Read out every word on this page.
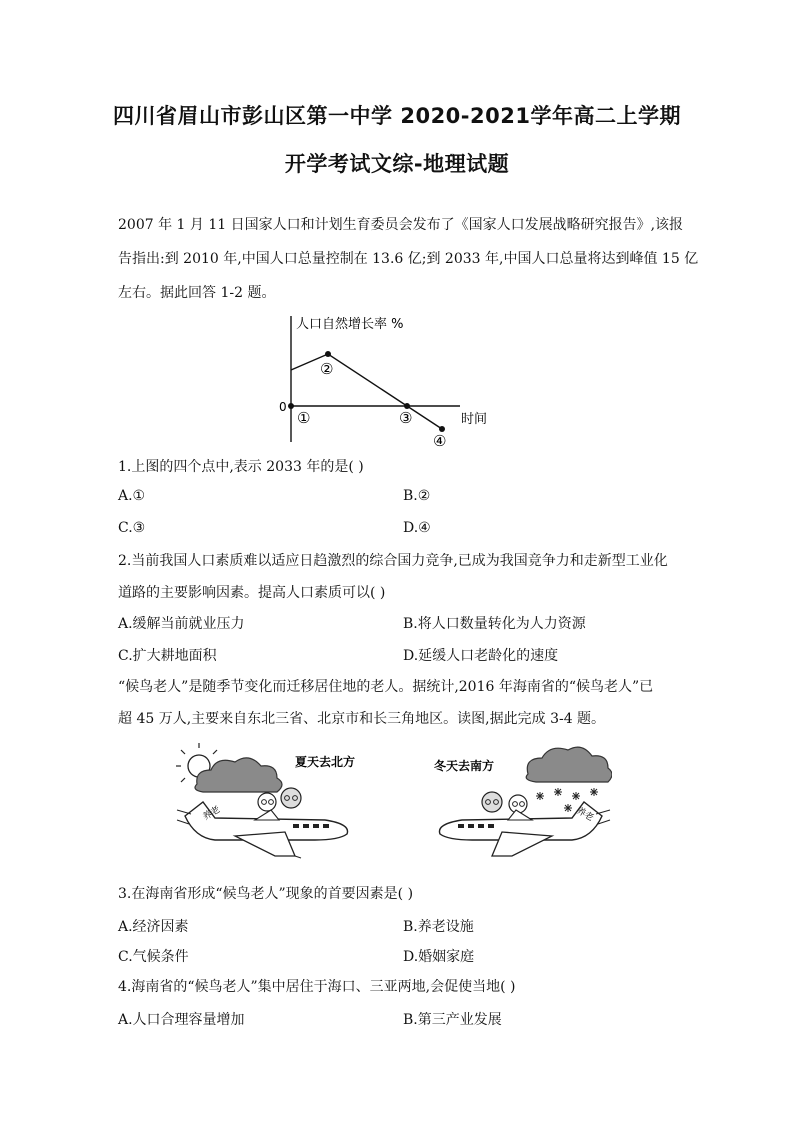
四川省眉山市彭山区第一中学 2020-2021学年高二上学期
开学考试文综-地理试题
2007 年 1 月 11 日国家人口和计划生育委员会发布了《国家人口发展战略研究报告》,该报
告指出:到 2010 年,中国人口总量控制在 13.6 亿;到 2033 年,中国人口总量将达到峰值 15 亿
左右。据此回答 1-2 题。
人口自然增长率 %
时间
0
①
②
③
④
1.上图的四个点中,表示 2033 年的是( )
A.①	B.②
C.③	D.④
2.当前我国人口素质难以适应日趋激烈的综合国力竞争,已成为我国竞争力和走新型工业化
道路的主要影响因素。提高人口素质可以( )
A.缓解当前就业压力	B.将人口数量转化为人力资源
C.扩大耕地面积	D.延缓人口老龄化的速度
“候鸟老人”是随季节变化而迁移居住地的老人。据统计,2016 年海南省的“候鸟老人”已
超 45 万人,主要来自东北三省、北京市和长三角地区。读图,据此完成 3-4 题。
夏天去北方
养老
冬天去南方
养老
3.在海南省形成“候鸟老人”现象的首要因素是( )
A.经济因素	B.养老设施
C.气候条件	D.婚姻家庭
4.海南省的“候鸟老人”集中居住于海口、三亚两地,会促使当地( )
A.人口合理容量增加	B.第三产业发展
